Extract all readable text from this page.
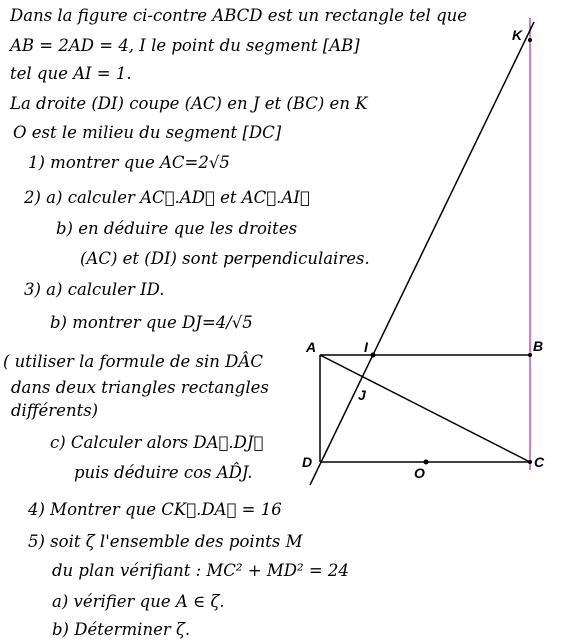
Dans la figure ci-contre ABCD est un rectangle tel que
AB = 2AD = 4, I le point du segment [AB]
tel que AI = 1.
La droite (DI) coupe (AC) en J et (BC) en K
O est le milieu du segment [DC]
1) montrer que AC=2√5
2) a) calculer AC⃗.AD⃗ et AC⃗.AI⃗
b) en déduire que les droites
(AC) et (DI) sont perpendiculaires.
3) a) calculer ID.
b) montrer que DJ=4/√5
( utiliser la formule de sin DÂC
dans deux triangles rectangles
différents)
c) Calculer alors DA⃗.DJ⃗
puis déduire cos AD̂J.
4) Montrer que CK⃗.DA⃗ = 16
5) soit ζ l'ensemble des points M
du plan vérifiant : MC² + MD² = 24
a) vérifier que A ∈ ζ.
b) Déterminer ζ.
A	I	B
J
D
O
C
K
